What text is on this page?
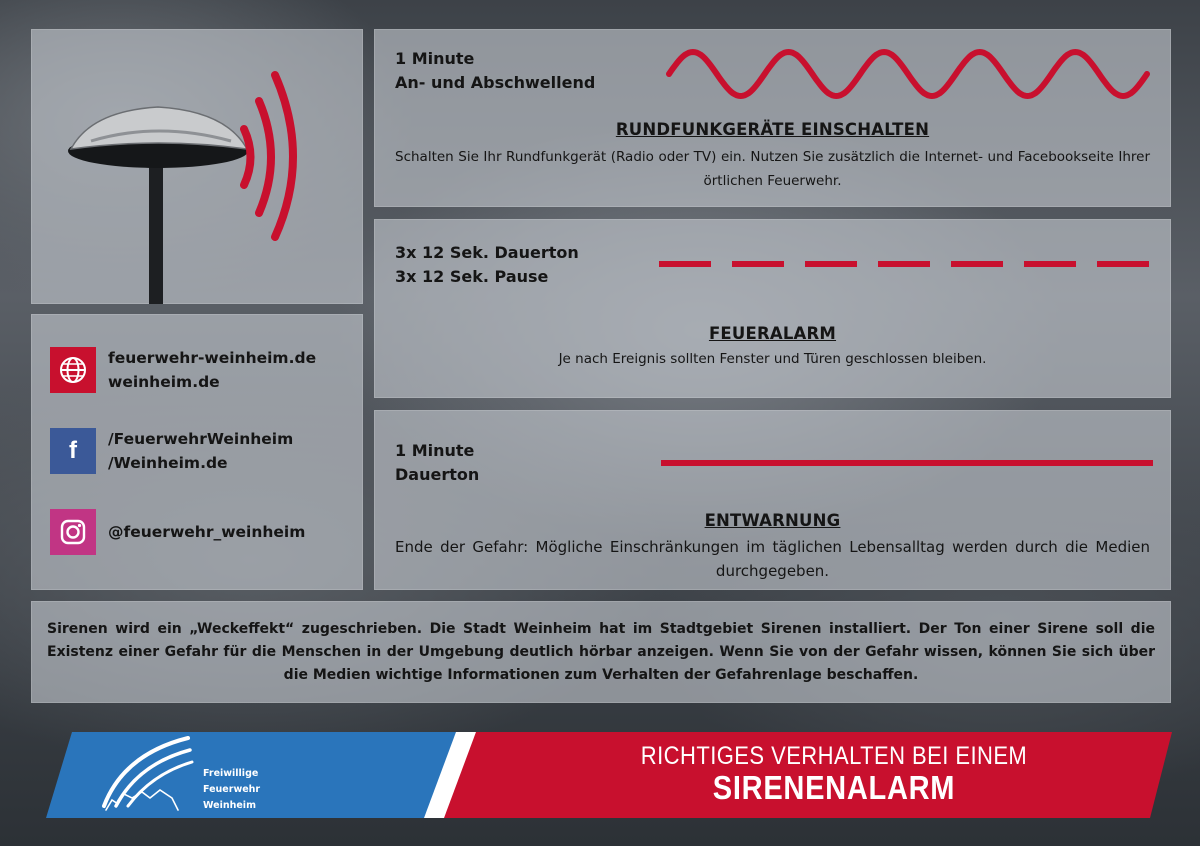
feuerwehr-weinheim.de
weinheim.de
f /FeuerwehrWeinheim
/Weinheim.de
@feuerwehr_weinheim
1 Minute
An- und Abschwellend
RUNDFUNKGERÄTE EINSCHALTEN
Schalten Sie Ihr Rundfunkgerät (Radio oder TV) ein. Nutzen Sie zusätzlich die Internet- und Facebookseite Ihrer örtlichen Feuerwehr.
3x 12 Sek. Dauerton
3x 12 Sek. Pause
FEUERALARM
Je nach Ereignis sollten Fenster und Türen geschlossen bleiben.
1 Minute
Dauerton
ENTWARNUNG
Ende der Gefahr: Mögliche Einschränkungen im täglichen Lebensalltag werden durch die Medien durchgegeben.
Sirenen wird ein „Weckeffekt“ zugeschrieben. Die Stadt Weinheim hat im Stadtgebiet Sirenen installiert. Der Ton einer Sirene soll die Existenz einer Gefahr für die Menschen in der Umgebung deutlich hörbar anzeigen. Wenn Sie von der Gefahr wissen, können Sie sich über die Medien wichtige Informationen zum Verhalten der Gefahrenlage beschaffen.
Freiwillige
Feuerwehr
Weinheim
RICHTIGES VERHALTEN BEI EINEM
SIRENENALARM
